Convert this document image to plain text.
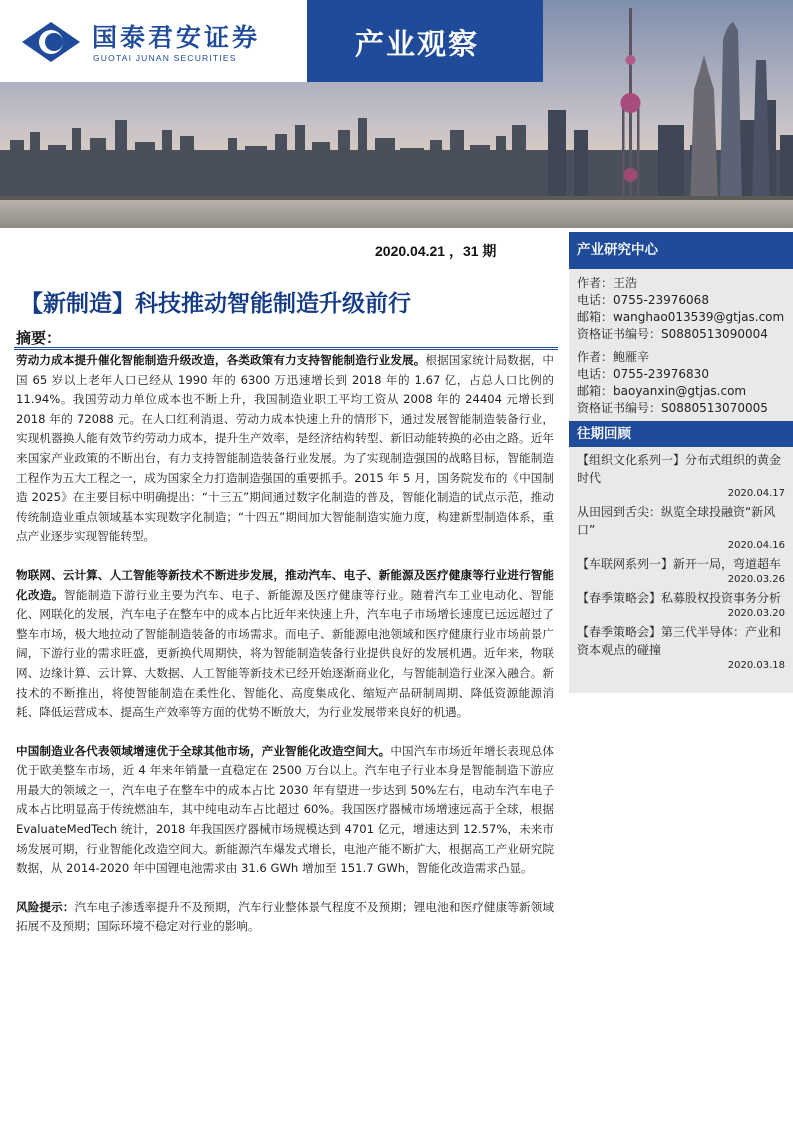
国泰君安证券
GUOTAI JUNAN SECURITIES	产业观察
2020.04.21 ，31 期
【新制造】科技推动智能制造升级前行
摘要：

劳动力成本提升催化智能制造升级改造，各类政策有力支持智能制造行业发展。根据国家统计局数据，中国 65 岁以上老年人口已经从 1990 年的 6300 万迅速增长到 2018 年的 1.67 亿，占总人口比例的 11.94%。我国劳动力单位成本也不断上升，我国制造业职工平均工资从 2008 年的 24404 元增长到 2018 年的 72088 元。在人口红利消退、劳动力成本快速上升的情形下，通过发展智能制造装备行业，实现机器换人能有效节约劳动力成本，提升生产效率，是经济结构转型、新旧动能转换的必由之路。近年来国家产业政策的不断出台，有力支持智能制造装备行业发展。为了实现制造强国的战略目标，智能制造工程作为五大工程之一，成为国家全力打造制造强国的重要抓手。2015 年 5 月，国务院发布的《中国制造 2025》在主要目标中明确提出：“十三五”期间通过数字化制造的普及，智能化制造的试点示范，推动传统制造业重点领域基本实现数字化制造；“十四五”期间加大智能制造实施力度，构建新型制造体系，重点产业逐步实现智能转型。

物联网、云计算、人工智能等新技术不断进步发展，推动汽车、电子、新能源及医疗健康等行业进行智能化改造。智能制造下游行业主要为汽车、电子、新能源及医疗健康等行业。随着汽车工业电动化、智能化、网联化的发展，汽车电子在整车中的成本占比近年来快速上升，汽车电子市场增长速度已远远超过了整车市场，极大地拉动了智能制造装备的市场需求。而电子、新能源电池领域和医疗健康行业市场前景广阔，下游行业的需求旺盛，更新换代周期快，将为智能制造装备行业提供良好的发展机遇。近年来，物联网、边缘计算、云计算、大数据、人工智能等新技术已经开始逐渐商业化，与智能制造行业深入融合。新技术的不断推出，将使智能制造在柔性化、智能化、高度集成化、缩短产品研制周期、降低资源能源消耗、降低运营成本、提高生产效率等方面的优势不断放大，为行业发展带来良好的机遇。

中国制造业各代表领域增速优于全球其他市场，产业智能化改造空间大。中国汽车市场近年增长表现总体优于欧美整车市场，近 4 年来年销量一直稳定在 2500 万台以上。汽车电子行业本身是智能制造下游应用最大的领域之一，汽车电子在整车中的成本占比 2030 年有望进一步达到 50%左右，电动车汽车电子成本占比明显高于传统燃油车，其中纯电动车占比超过 60%。我国医疗器械市场增速远高于全球，根据 EvaluateMedTech 统计，2018 年我国医疗器械市场规模达到 4701 亿元，增速达到 12.57%，未来市场发展可期，行业智能化改造空间大。新能源汽车爆发式增长，电池产能不断扩大，根据高工产业研究院数据，从 2014-2020 年中国锂电池需求由 31.6 GWh 增加至 151.7 GWh，智能化改造需求凸显。

风险提示：汽车电子渗透率提升不及预期，汽车行业整体景气程度不及预期；锂电池和医疗健康等新领域拓展不及预期；国际环境不稳定对行业的影响。

产业研究中心
作者：王浩
电话：0755-23976068
邮箱：wanghao013539@gtjas.com
资格证书编号：S0880513090004
作者：鲍雁辛
电话：0755-23976830
邮箱：baoyanxin@gtjas.com
资格证书编号：S0880513070005
往期回顾
【组织文化系列一】分布式组织的黄金时代
2020.04.17
从田园到舌尖：纵览全球投融资“新风口”
2020.04.16
【车联网系列一】新开一局，弯道超车
2020.03.26
【春季策略会】私募股权投资事务分析
2020.03.20
【春季策略会】第三代半导体：产业和资本观点的碰撞
2020.03.18
